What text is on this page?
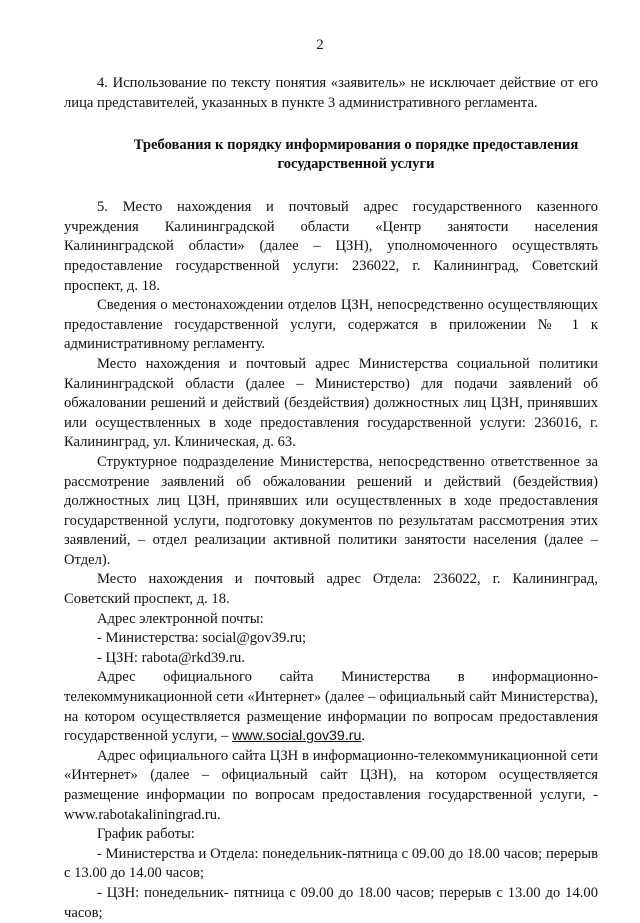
2

4. Использование по тексту понятия «заявитель» не исключает действие от его лица представителей, указанных в пункте 3 административного регламента.

Требования к порядку информирования о порядке предоставления государственной услуги

5. Место нахождения и почтовый адрес государственного казенного учреждения Калининградской области «Центр занятости населения Калининградской области» (далее – ЦЗН), уполномоченного осуществлять предоставление государственной услуги: 236022, г. Калининград, Советский проспект, д. 18.

Сведения о местонахождении отделов ЦЗН, непосредственно осуществляющих предоставление государственной услуги, содержатся в приложении № 1 к административному регламенту.

Место нахождения и почтовый адрес Министерства социальной политики Калининградской области (далее – Министерство) для подачи заявлений об обжаловании решений и действий (бездействия) должностных лиц ЦЗН, принявших или осуществленных в ходе предоставления государственной услуги: 236016, г. Калининград, ул. Клиническая, д. 63.

Структурное подразделение Министерства, непосредственно ответственное за рассмотрение заявлений об обжаловании решений и действий (бездействия) должностных лиц ЦЗН, принявших или осуществленных в ходе предоставления государственной услуги, подготовку документов по результатам рассмотрения этих заявлений, – отдел реализации активной политики занятости населения (далее – Отдел).

Место нахождения и почтовый адрес Отдела: 236022, г. Калининград, Советский проспект, д. 18.

Адрес электронной почты:

- Министерства: social@gov39.ru;

- ЦЗН: rabota@rkd39.ru.

Адрес официального сайта Министерства в информационно-телекоммуникационной сети «Интернет» (далее – официальный сайт Министерства), на котором осуществляется размещение информации по вопросам предоставления государственной услуги, – www.social.gov39.ru.

Адрес официального сайта ЦЗН в информационно-телекоммуникационной сети «Интернет» (далее – официальный сайт ЦЗН), на котором осуществляется размещение информации по вопросам предоставления государственной услуги, - www.rabotakaliningrad.ru.

График работы:

- Министерства и Отдела: понедельник-пятница с 09.00 до 18.00 часов; перерыв с 13.00 до 14.00 часов;

- ЦЗН: понедельник- пятница с 09.00 до 18.00 часов; перерыв с 13.00 до 14.00 часов;
